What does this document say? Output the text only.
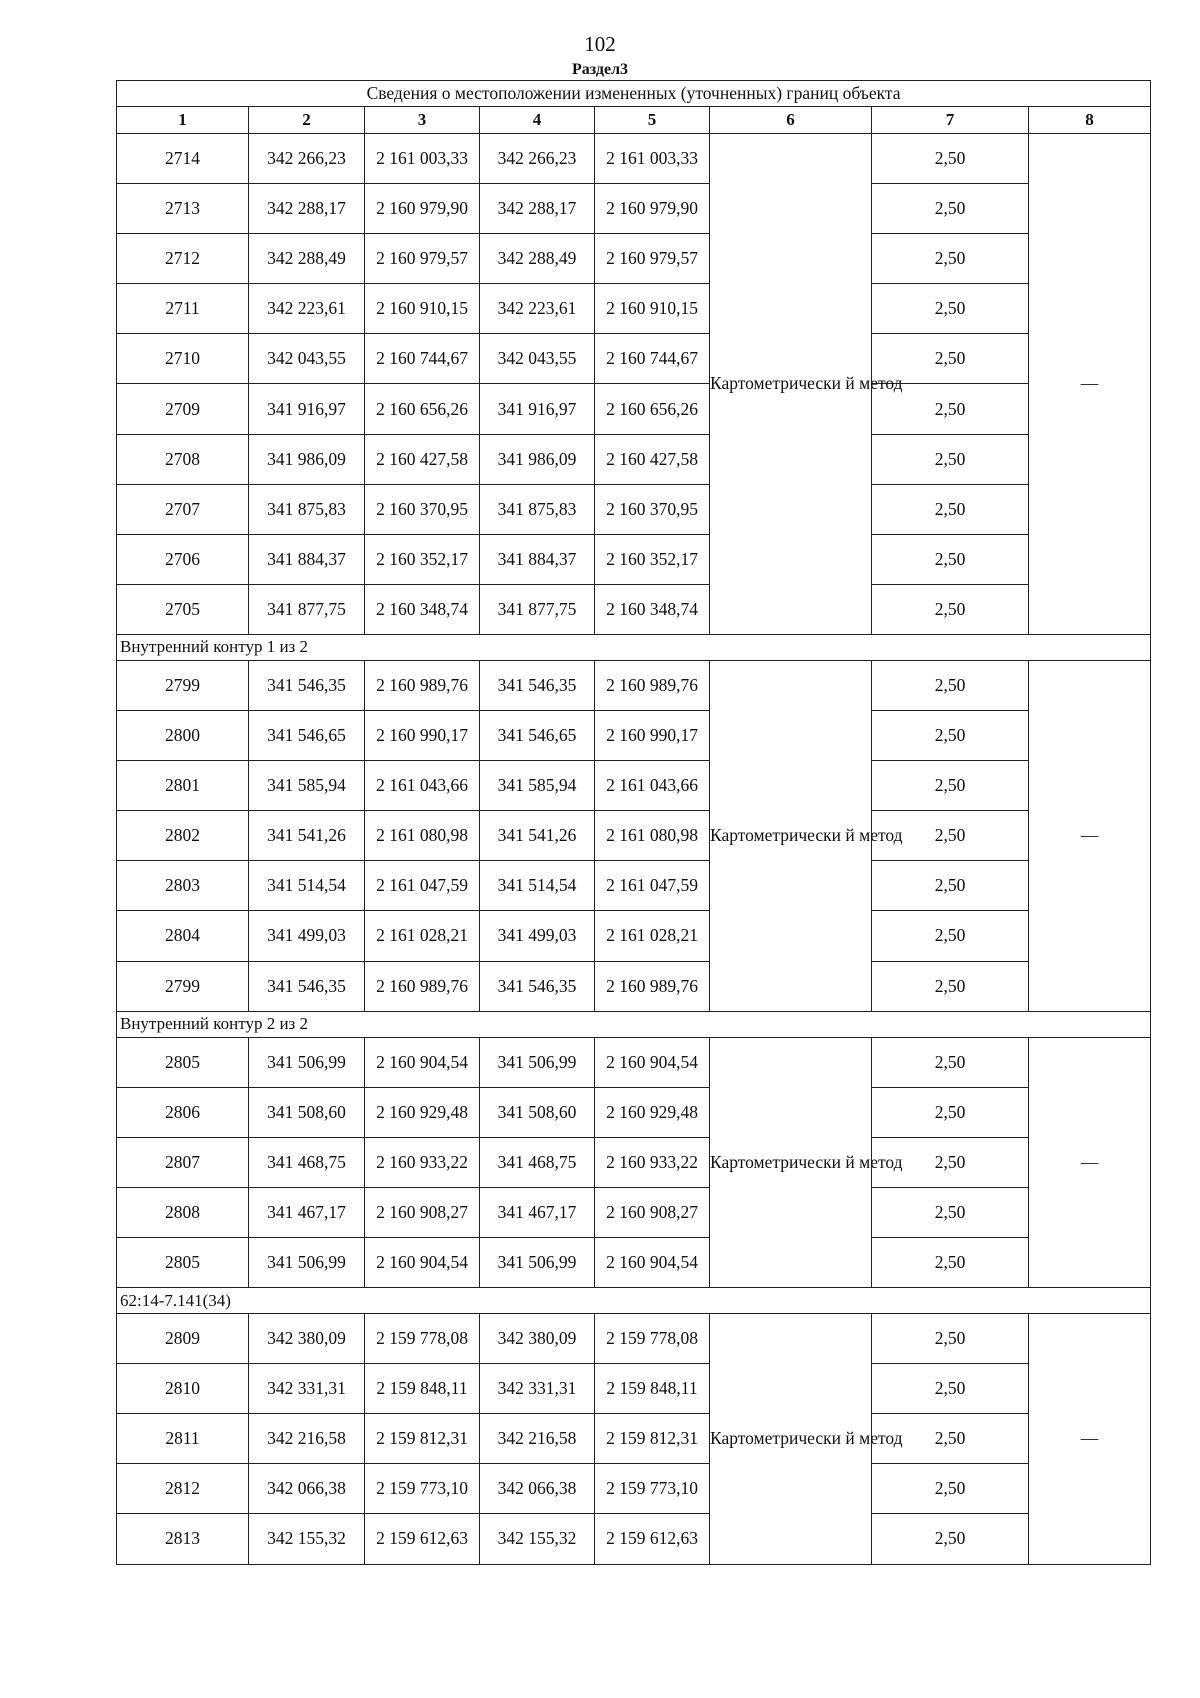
102
Раздел3
Сведения о местоположении измененных (уточненных) границ объекта							
1	2	3	4	5	6	7	8
2714	342 266,23	2 161 003,33	342 266,23	2 161 003,33	Картометрически й метод	2,50	—
2713	342 288,17	2 160 979,90	342 288,17	2 160 979,90		2,50	
2712	342 288,49	2 160 979,57	342 288,49	2 160 979,57		2,50	
2711	342 223,61	2 160 910,15	342 223,61	2 160 910,15		2,50	
2710	342 043,55	2 160 744,67	342 043,55	2 160 744,67		2,50	
2709	341 916,97	2 160 656,26	341 916,97	2 160 656,26		2,50	
2708	341 986,09	2 160 427,58	341 986,09	2 160 427,58		2,50	
2707	341 875,83	2 160 370,95	341 875,83	2 160 370,95		2,50	
2706	341 884,37	2 160 352,17	341 884,37	2 160 352,17		2,50	
2705	341 877,75	2 160 348,74	341 877,75	2 160 348,74		2,50	
Внутренний контур 1 из 2							
2799	341 546,35	2 160 989,76	341 546,35	2 160 989,76	Картометрически й метод	2,50	—
2800	341 546,65	2 160 990,17	341 546,65	2 160 990,17		2,50	
2801	341 585,94	2 161 043,66	341 585,94	2 161 043,66		2,50	
2802	341 541,26	2 161 080,98	341 541,26	2 161 080,98		2,50	
2803	341 514,54	2 161 047,59	341 514,54	2 161 047,59		2,50	
2804	341 499,03	2 161 028,21	341 499,03	2 161 028,21		2,50	
2799	341 546,35	2 160 989,76	341 546,35	2 160 989,76		2,50	
Внутренний контур 2 из 2							
2805	341 506,99	2 160 904,54	341 506,99	2 160 904,54	Картометрически й метод	2,50	—
2806	341 508,60	2 160 929,48	341 508,60	2 160 929,48		2,50	
2807	341 468,75	2 160 933,22	341 468,75	2 160 933,22		2,50	
2808	341 467,17	2 160 908,27	341 467,17	2 160 908,27		2,50	
2805	341 506,99	2 160 904,54	341 506,99	2 160 904,54		2,50	
62:14-7.141(34)							
2809	342 380,09	2 159 778,08	342 380,09	2 159 778,08	Картометрически й метод	2,50	—
2810	342 331,31	2 159 848,11	342 331,31	2 159 848,11		2,50	
2811	342 216,58	2 159 812,31	342 216,58	2 159 812,31		2,50	
2812	342 066,38	2 159 773,10	342 066,38	2 159 773,10		2,50	
2813	342 155,32	2 159 612,63	342 155,32	2 159 612,63		2,50	
